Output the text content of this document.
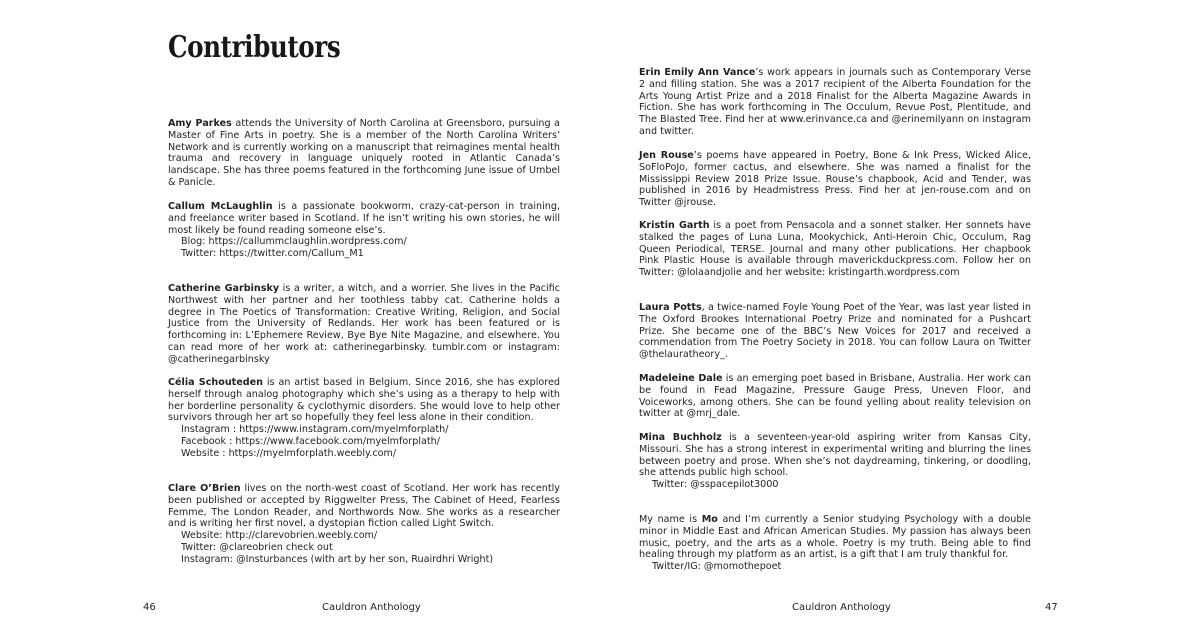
Contributors

Amy Parkes attends the University of North Carolina at Greensboro, pursuing a Master of Fine Arts in poetry. She is a member of the North Carolina Writers’ Network and is currently working on a manuscript that reimagines mental health trauma and recovery in language uniquely rooted in Atlantic Canada’s landscape. She has three poems featured in the forthcoming June issue of Umbel & Panicle.

Callum McLaughlin is a passionate bookworm, crazy-cat-person in training, and freelance writer based in Scotland. If he isn’t writing his own stories, he will most likely be found reading someone else’s.

Blog: https://callummclaughlin.wordpress.com/
Twitter: https://twitter.com/Callum_M1

Catherine Garbinsky is a writer, a witch, and a worrier. She lives in the Pacific Northwest with her partner and her toothless tabby cat. Catherine holds a degree in The Poetics of Transformation: Creative Writing, Religion, and Social Justice from the University of Redlands. Her work has been featured or is forthcoming in: L’Ephemere Review, Bye Bye Nite Magazine, and elsewhere. You can read more of her work at: catherinegarbinsky. tumblr.com or instagram: @catherinegarbinsky

Célia Schouteden is an artist based in Belgium. Since 2016, she has explored herself through analog photography which she’s using as a therapy to help with her borderline personality & cyclothymic disorders. She would love to help other survivors through her art so hopefully they feel less alone in their condition.

Instagram : https://www.instagram.com/myelmforplath/
Facebook : https://www.facebook.com/myelmforplath/
Website : https://myelmforplath.weebly.com/

Clare O’Brien lives on the north-west coast of Scotland. Her work has recently been published or accepted by Riggwelter Press, The Cabinet of Heed, Fearless Femme, The London Reader, and Northwords Now. She works as a researcher and is writing her first novel, a dystopian fiction called Light Switch.

Website: http://clarevobrien.weebly.com/
Twitter: @clareobrien check out
Instagram: @Insturbances (with art by her son, Ruairdhri Wright)
46	Cauldron Anthology

Erin Emily Ann Vance’s work appears in journals such as Contemporary Verse 2 and filling station. She was a 2017 recipient of the Alberta Foundation for the Arts Young Artist Prize and a 2018 Finalist for the Alberta Magazine Awards in Fiction. She has work forthcoming in The Occulum, Revue Post, Plentitude, and The Blasted Tree. Find her at www.erinvance.ca and @erinemilyann on instagram and twitter.

Jen Rouse’s poems have appeared in Poetry, Bone & Ink Press, Wicked Alice, SoFloPoJo, former cactus, and elsewhere. She was named a finalist for the Mississippi Review 2018 Prize Issue. Rouse’s chapbook, Acid and Tender, was published in 2016 by Headmistress Press. Find her at jen-rouse.com and on Twitter @jrouse.

Kristin Garth is a poet from Pensacola and a sonnet stalker. Her sonnets have stalked the pages of Luna Luna, Mookychick, Anti-Heroin Chic, Occulum, Rag Queen Periodical, TERSE. Journal and many other publications. Her chapbook Pink Plastic House is available through maverickduckpress.com. Follow her on Twitter: @lolaandjolie and her website: kristingarth.wordpress.com

Laura Potts, a twice-named Foyle Young Poet of the Year, was last year listed in The Oxford Brookes International Poetry Prize and nominated for a Pushcart Prize. She became one of the BBC’s New Voices for 2017 and received a commendation from The Poetry Society in 2018. You can follow Laura on Twitter @thelauratheory_.

Madeleine Dale is an emerging poet based in Brisbane, Australia. Her work can be found in Fead Magazine, Pressure Gauge Press, Uneven Floor, and Voiceworks, among others. She can be found yelling about reality television on twitter at @mrj_dale.

Mina Buchholz is a seventeen-year-old aspiring writer from Kansas City, Missouri. She has a strong interest in experimental writing and blurring the lines between poetry and prose. When she’s not daydreaming, tinkering, or doodling, she attends public high school.

Twitter: @sspacepilot3000

My name is Mo and I’m currently a Senior studying Psychology with a double minor in Middle East and African American Studies. My passion has always been music, poetry, and the arts as a whole. Poetry is my truth. Being able to find healing through my platform as an artist, is a gift that I am truly thankful for.

Twitter/IG: @momothepoet
Cauldron Anthology	47
